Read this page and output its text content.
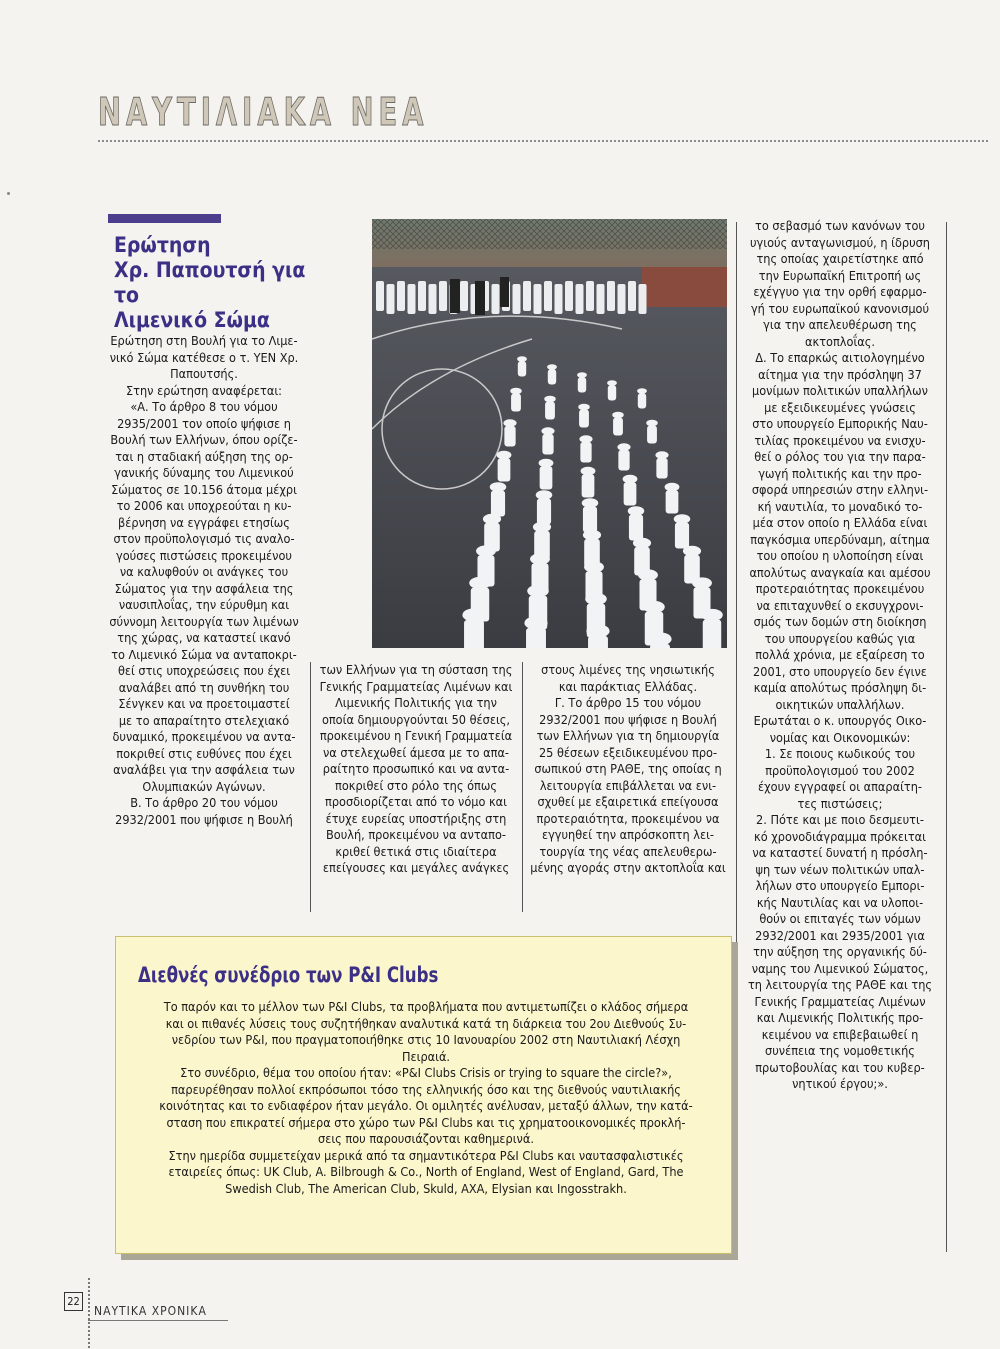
ΝΑΥΤΙΛΙΑΚΑ ΝΕΑ
Ερώτηση
Χρ. Παπουτσή για το
Λιμενικό Σώμα

Ερώτηση στη Βουλή για το Λιμε-

νικό Σώμα κατέθεσε ο τ. ΥΕΝ Χρ.

Παπουτσής.

Στην ερώτηση αναφέρεται:

«Α. Το άρθρο 8 του νόμου

2935/2001 τον οποίο ψήφισε η

Βουλή των Ελλήνων, όπου ορίζε-

ται η σταδιακή αύξηση της ορ-

γανικής δύναμης του Λιμενικού

Σώματος σε 10.156 άτομα μέχρι

το 2006 και υποχρεούται η κυ-

βέρνηση να εγγράφει ετησίως

στον προϋπολογισμό τις αναλο-

γούσες πιστώσεις προκειμένου

να καλυφθούν οι ανάγκες του

Σώματος για την ασφάλεια της

ναυσιπλοΐας, την εύρυθμη και

σύννομη λειτουργία των λιμένων

της χώρας, να καταστεί ικανό

το Λιμενικό Σώμα να ανταποκρι-

θεί στις υποχρεώσεις που έχει

αναλάβει από τη συνθήκη του

Σένγκεν και να προετοιμαστεί

με το απαραίτητο στελεχιακό

δυναμικό, προκειμένου να αντα-

ποκριθεί στις ευθύνες που έχει

αναλάβει για την ασφάλεια των

Ολυμπιακών Αγώνων.

Β. Το άρθρο 20 του νόμου

2932/2001 που ψήφισε η Βουλή

των Ελλήνων για τη σύσταση της

Γενικής Γραμματείας Λιμένων και

Λιμενικής Πολιτικής για την

οποία δημιουργούνται 50 θέσεις,

προκειμένου η Γενική Γραμματεία

να στελεχωθεί άμεσα με το απα-

ραίτητο προσωπικό και να αντα-

ποκριθεί στο ρόλο της όπως

προσδιορίζεται από το νόμο και

έτυχε ευρείας υποστήριξης στη

Βουλή, προκειμένου να ανταπο-

κριθεί θετικά στις ιδιαίτερα

επείγουσες και μεγάλες ανάγκες

στους λιμένες της νησιωτικής

και παράκτιας Ελλάδας.

Γ. Το άρθρο 15 του νόμου

2932/2001 που ψήφισε η Βουλή

των Ελλήνων για τη δημιουργία

25 θέσεων εξειδικευμένου προ-

σωπικού στη ΡΑΘΕ, της οποίας η

λειτουργία επιβάλλεται να ενι-

σχυθεί με εξαιρετικά επείγουσα

προτεραιότητα, προκειμένου να

εγγυηθεί την απρόσκοπτη λει-

τουργία της νέας απελευθερω-

μένης αγοράς στην ακτοπλοΐα και

το σεβασμό των κανόνων του

υγιούς ανταγωνισμού, η ίδρυση

της οποίας χαιρετίστηκε από

την Ευρωπαϊκή Επιτροπή ως

εχέγγυο για την ορθή εφαρμο-

γή του ευρωπαϊκού κανονισμού

για την απελευθέρωση της

ακτοπλοΐας.

Δ. Το επαρκώς αιτιολογημένο

αίτημα για την πρόσληψη 37

μονίμων πολιτικών υπαλλήλων

με εξειδικευμένες γνώσεις

στο υπουργείο Εμπορικής Ναυ-

τιλίας προκειμένου να ενισχυ-

θεί ο ρόλος του για την παρα-

γωγή πολιτικής και την προ-

σφορά υπηρεσιών στην ελληνι-

κή ναυτιλία, το μοναδικό το-

μέα στον οποίο η Ελλάδα είναι

παγκόσμια υπερδύναμη, αίτημα

του οποίου η υλοποίηση είναι

απολύτως αναγκαία και αμέσου

προτεραιότητας προκειμένου

να επιταχυνθεί ο εκσυγχρονι-

σμός των δομών στη διοίκηση

του υπουργείου καθώς για

πολλά χρόνια, με εξαίρεση το

2001, στο υπουργείο δεν έγινε

καμία απολύτως πρόσληψη δι-

οικητικών υπαλλήλων.

Ερωτάται ο κ. υπουργός Οικο-

νομίας και Οικονομικών:

1. Σε ποιους κωδικούς του

προϋπολογισμού του 2002

έχουν εγγραφεί οι απαραίτη-

τες πιστώσεις;

2. Πότε και με ποιο δεσμευτι-

κό χρονοδιάγραμμα πρόκειται

να καταστεί δυνατή η πρόσλη-

ψη των νέων πολιτικών υπαλ-

λήλων στο υπουργείο Εμπορι-

κής Ναυτιλίας και να υλοποι-

θούν οι επιταγές των νόμων

2932/2001 και 2935/2001 για

την αύξηση της οργανικής δύ-

ναμης του Λιμενικού Σώματος,

τη λειτουργία της ΡΑΘΕ και της

Γενικής Γραμματείας Λιμένων

και Λιμενικής Πολιτικής προ-

κειμένου να επιβεβαιωθεί η

συνέπεια της νομοθετικής

πρωτοβουλίας και του κυβερ-

νητικού έργου;».

Διεθνές συνέδριο των P&I Clubs

Το παρόν και το μέλλον των P&I Clubs, τα προβλήματα που αντιμετωπίζει ο κλάδος σήμερα

και οι πιθανές λύσεις τους συζητήθηκαν αναλυτικά κατά τη διάρκεια του 2ου Διεθνούς Συ-

νεδρίου των P&I, που πραγματοποιήθηκε στις 10 Ιανουαρίου 2002 στη Ναυτιλιακή Λέσχη

Πειραιά.

Στο συνέδριο, θέμα του οποίου ήταν: «P&I Clubs Crisis or trying to square the circle?»,

παρευρέθησαν πολλοί εκπρόσωποι τόσο της ελληνικής όσο και της διεθνούς ναυτιλιακής

κοινότητας και το ενδιαφέρον ήταν μεγάλο. Οι ομιλητές ανέλυσαν, μεταξύ άλλων, την κατά-

σταση που επικρατεί σήμερα στο χώρο των P&I Clubs και τις χρηματοοικονομικές προκλή-

σεις που παρουσιάζονται καθημερινά.

Στην ημερίδα συμμετείχαν μερικά από τα σημαντικότερα P&I Clubs και ναυτασφαλιστικές

εταιρείες όπως: UK Club, A. Bilbrough & Co., North of England, West of England, Gard, The

Swedish Club, The American Club, Skuld, AXA, Elysian και Ingosstrakh.

22
ΝΑΥΤΙΚΑ ΧΡΟΝΙΚΑ
